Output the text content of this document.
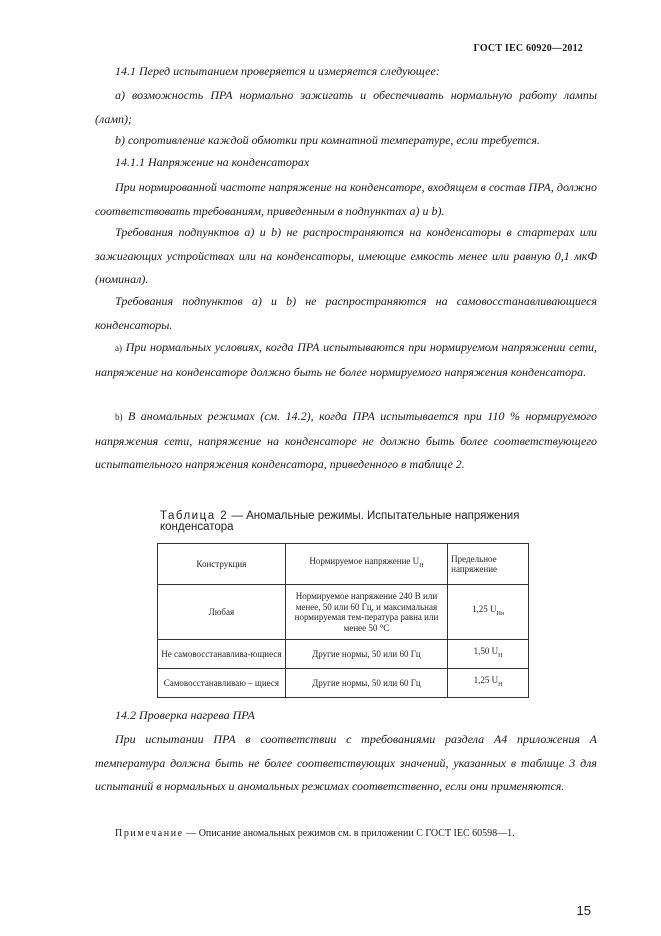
ГОСТ IEC 60920—2012
14.1 Перед испытанием проверяется и измеряется следующее:
а) возможность ПРА нормально зажигать и обеспечивать нормальную работу лампы (ламп);
b) сопротивление каждой обмотки при комнатной температуре, если требуется.
14.1.1 Напряжение на конденсаторах
При нормированной частоте напряжение на конденсаторе, входящем в состав ПРА, должно соответствовать требованиям, приведенным в подпунктах а) и b).
Требования подпунктов а) и b) не распространяются на конденсаторы в стартерах или зажигающих устройствах или на конденсаторы, имеющие емкость менее или равную 0,1 мкФ (номинал).
Требования подпунктов а) и b) не распространяются на самовосстанавливающиеся конденсаторы.
а) При нормальных условиях, когда ПРА испытываются при нормируемом напряжении сети, напряжение на конденсаторе должно быть не более нормируемого напряжения конденсатора.
b) В аномальных режимах (см. 14.2), когда ПРА испытывается при 110 % нормируемого напряжения сети, напряжение на конденсаторе не должно быть более соответствующего испытательного напряжения конденсатора, приведенного в таблице 2.
Таблица 2 — Аномальные режимы. Испытательные напряжения конденсатора
Конструкция	Нормируемое напряжение $U_H$	Предельное напряжение
Любая	Нормируемое напряжение 240 В или менее, 50 или 60 Гц, и максимальная нормируемая тем-пература равна или менее 50 °С	1,25 $U_{Hн}$
Не самовосстанавлива-ющиеся	Другие нормы, 50 или 60 Гц	1,50 $U_H$
Самовосстанавливаю – щиеся	Другие нормы, 50 или 60 Гц	1,25 $U_H$
14.2 Проверка нагрева ПРА
При испытании ПРА в соответствии с требованиями раздела А4 приложения А температура должна быть не более соответствующих значений, указанных в таблице 3 для испытаний в нормальных и аномальных режимах соответственно, если они применяются.
Примечание — Описание аномальных режимов см. в приложении С ГОСТ IEC 60598—1.
15
